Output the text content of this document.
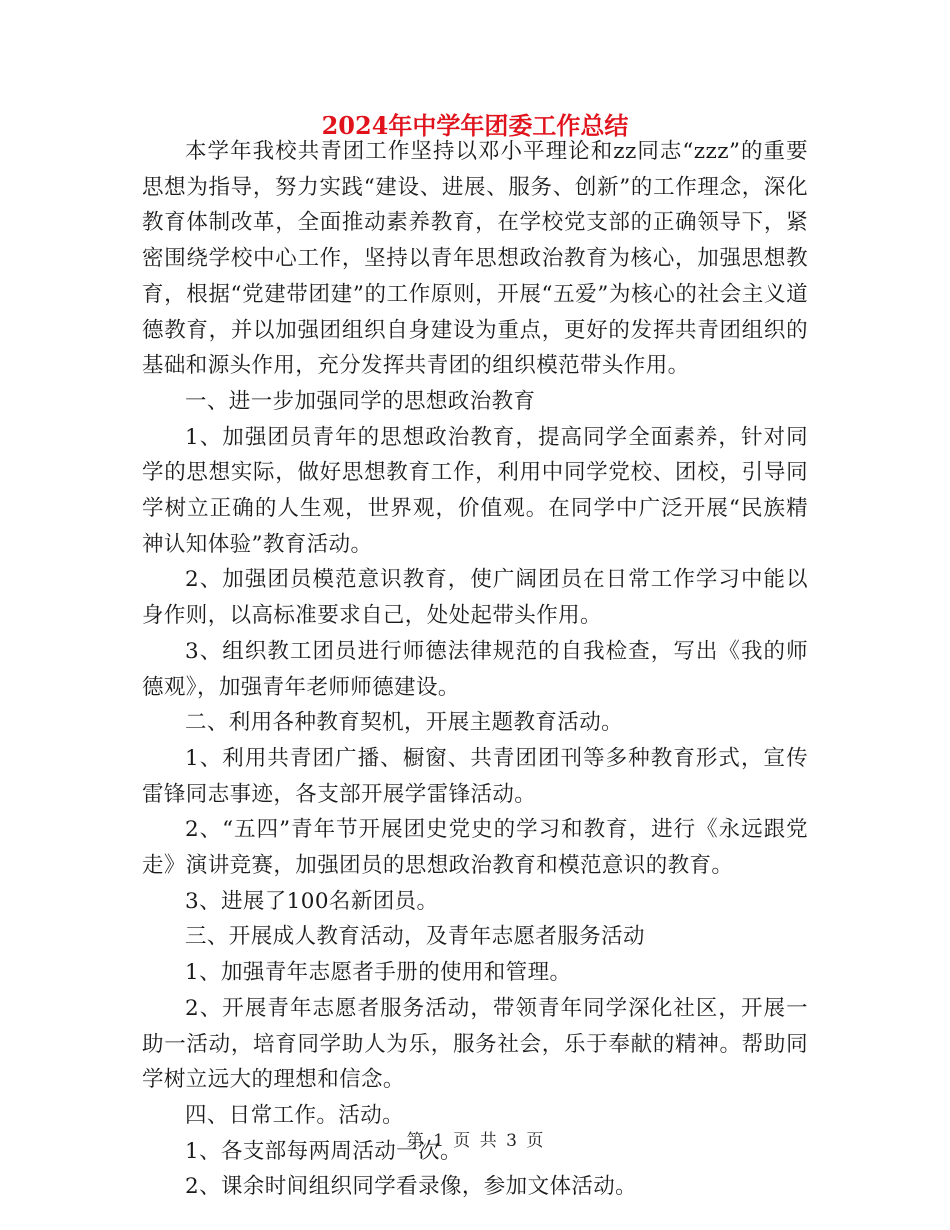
2024年中学年团委工作总结

本学年我校共青团工作坚持以邓小平理论和zz同志“zzz”的重要思想为指导，努力实践“建设、进展、服务、创新”的工作理念，深化教育体制改革，全面推动素养教育，在学校党支部的正确领导下，紧密围绕学校中心工作，坚持以青年思想政治教育为核心，加强思想教育，根据“党建带团建”的工作原则，开展“五爱”为核心的社会主义道德教育，并以加强团组织自身建设为重点，更好的发挥共青团组织的基础和源头作用，充分发挥共青团的组织模范带头作用。

一、进一步加强同学的思想政治教育

1、加强团员青年的思想政治教育，提高同学全面素养，针对同学的思想实际，做好思想教育工作，利用中同学党校、团校，引导同学树立正确的人生观，世界观，价值观。在同学中广泛开展“民族精神认知体验”教育活动。

2、加强团员模范意识教育，使广阔团员在日常工作学习中能以身作则，以高标准要求自己，处处起带头作用。

3、组织教工团员进行师德法律规范的自我检查，写出《我的师德观》，加强青年老师师德建设。

二、利用各种教育契机，开展主题教育活动。

1、利用共青团广播、橱窗、共青团团刊等多种教育形式，宣传雷锋同志事迹，各支部开展学雷锋活动。

2、“五四”青年节开展团史党史的学习和教育，进行《永远跟党走》演讲竞赛，加强团员的思想政治教育和模范意识的教育。

3、进展了100名新团员。

三、开展成人教育活动，及青年志愿者服务活动

1、加强青年志愿者手册的使用和管理。

2、开展青年志愿者服务活动，带领青年同学深化社区，开展一助一活动，培育同学助人为乐，服务社会，乐于奉献的精神。帮助同学树立远大的理想和信念。

四、日常工作。活动。

1、各支部每两周活动一次。

2、课余时间组织同学看录像，参加文体活动。

第 1 页 共 3 页
